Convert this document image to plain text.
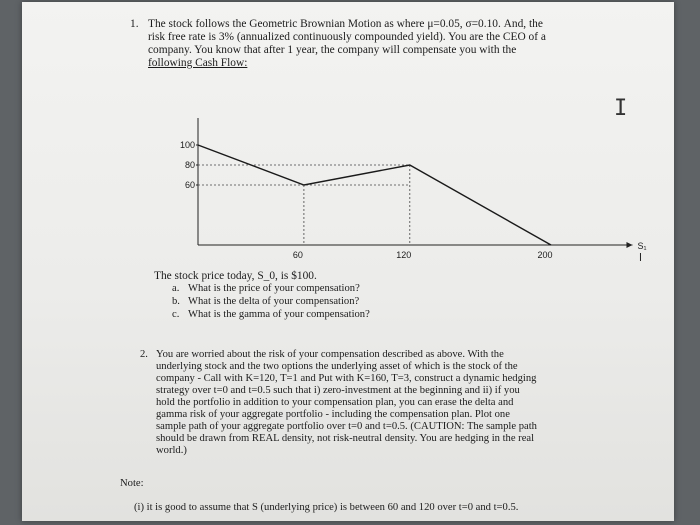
1. The stock follows the Geometric Brownian Motion as where μ=0.05, σ=0.10. And, the
risk free rate is 3% (annualized continuously compounded yield). You are the CEO of a
company. You know that after 1 year, the company will compensate you with the
following Cash Flow:
100
80
60
60	120	200
S₁
I
The stock price today, S_0, is $100.
a. What is the price of your compensation?
b. What is the delta of your compensation?
c. What is the gamma of your compensation?
2. You are worried about the risk of your compensation described as above. With the
underlying stock and the two options the underlying asset of which is the stock of the
company - Call with K=120, T=1 and Put with K=160, T=3, construct a dynamic hedging
strategy over t=0 and t=0.5 such that i) zero-investment at the beginning and ii) if you
hold the portfolio in addition to your compensation plan, you can erase the delta and
gamma risk of your aggregate portfolio - including the compensation plan. Plot one
sample path of your aggregate portfolio over t=0 and t=0.5. (CAUTION: The sample path
should be drawn from REAL density, not risk-neutral density. You are hedging in the real
world.)
Note:
(i) it is good to assume that S (underlying price) is between 60 and 120 over t=0 and t=0.5.
